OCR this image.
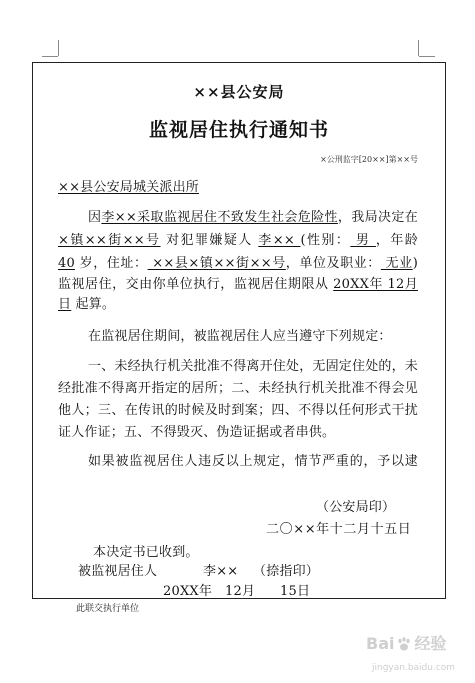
××县公安局
监视居住执行通知书
×公刑监字[20××]第××号
××县公安局城关派出所
因李××采取监视居住不致发生社会危险性，我局决定在
×镇××街××号 对犯罪嫌疑人 李×× (性别： 男 ，年龄
40 岁，住址： ××县×镇××街××号，单位及职业： 无业)
监视居住，交由你单位执行，监视居住期限从 20XX年 12月
日 起算。
在监视居住期间，被监视居住人应当遵守下列规定：
一、未经执行机关批准不得离开住处，无固定住处的，未
经批准不得离开指定的居所；二、未经执行机关批准不得会见
他人；三、在传讯的时候及时到案；四、不得以任何形式干扰
证人作证；五、不得毁灭、伪造证据或者串供。
如果被监视居住人违反以上规定，情节严重的，予以逮
（公安局印）
二〇××年十二月十五日
本决定书已收到。
被监视居住人	李×× （捺指印）
20XX年 12月 15日
此联交执行单位
Bai 经验
jingyan.baidu.com
